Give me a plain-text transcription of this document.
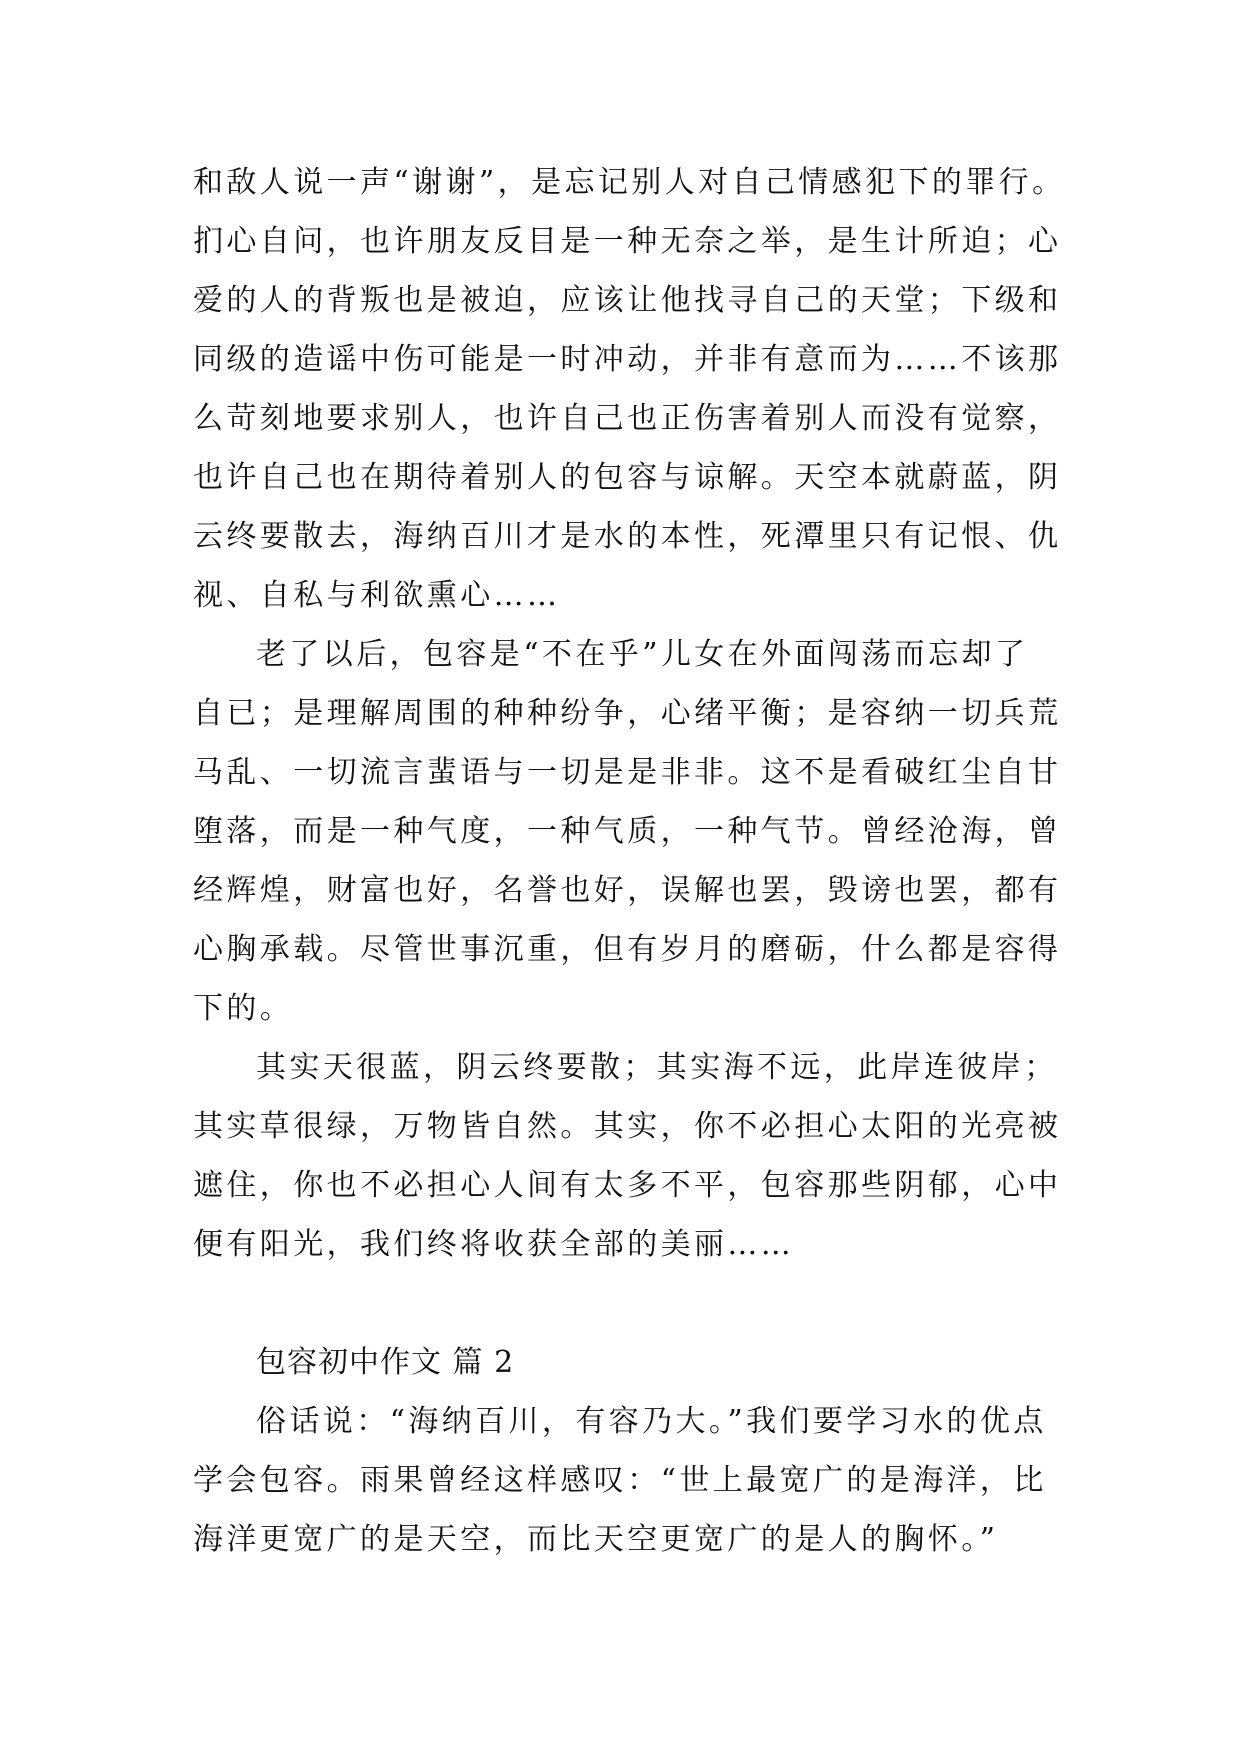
和敌人说一声“谢谢”，是忘记别人对自己情感犯下的罪行。
扪心自问，也许朋友反目是一种无奈之举，是生计所迫；心
爱的人的背叛也是被迫，应该让他找寻自己的天堂；下级和
同级的造谣中伤可能是一时冲动，并非有意而为……不该那
么苛刻地要求别人，也许自己也正伤害着别人而没有觉察，
也许自己也在期待着别人的包容与谅解。天空本就蔚蓝，阴
云终要散去，海纳百川才是水的本性，死潭里只有记恨、仇
视、自私与利欲熏心……
老了以后，包容是“不在乎”儿女在外面闯荡而忘却了
自已；是理解周围的种种纷争，心绪平衡；是容纳一切兵荒
马乱、一切流言蜚语与一切是是非非。这不是看破红尘自甘
堕落，而是一种气度，一种气质，一种气节。曾经沧海，曾
经辉煌，财富也好，名誉也好，误解也罢，毁谤也罢，都有
心胸承载。尽管世事沉重，但有岁月的磨砺，什么都是容得
下的。
其实天很蓝，阴云终要散；其实海不远，此岸连彼岸；
其实草很绿，万物皆自然。其实，你不必担心太阳的光亮被
遮住，你也不必担心人间有太多不平，包容那些阴郁，心中
便有阳光，我们终将收获全部的美丽……
包容初中作文 篇 2
俗话说：“海纳百川，有容乃大。”我们要学习水的优点
学会包容。雨果曾经这样感叹：“世上最宽广的是海洋，比
海洋更宽广的是天空，而比天空更宽广的是人的胸怀。”
